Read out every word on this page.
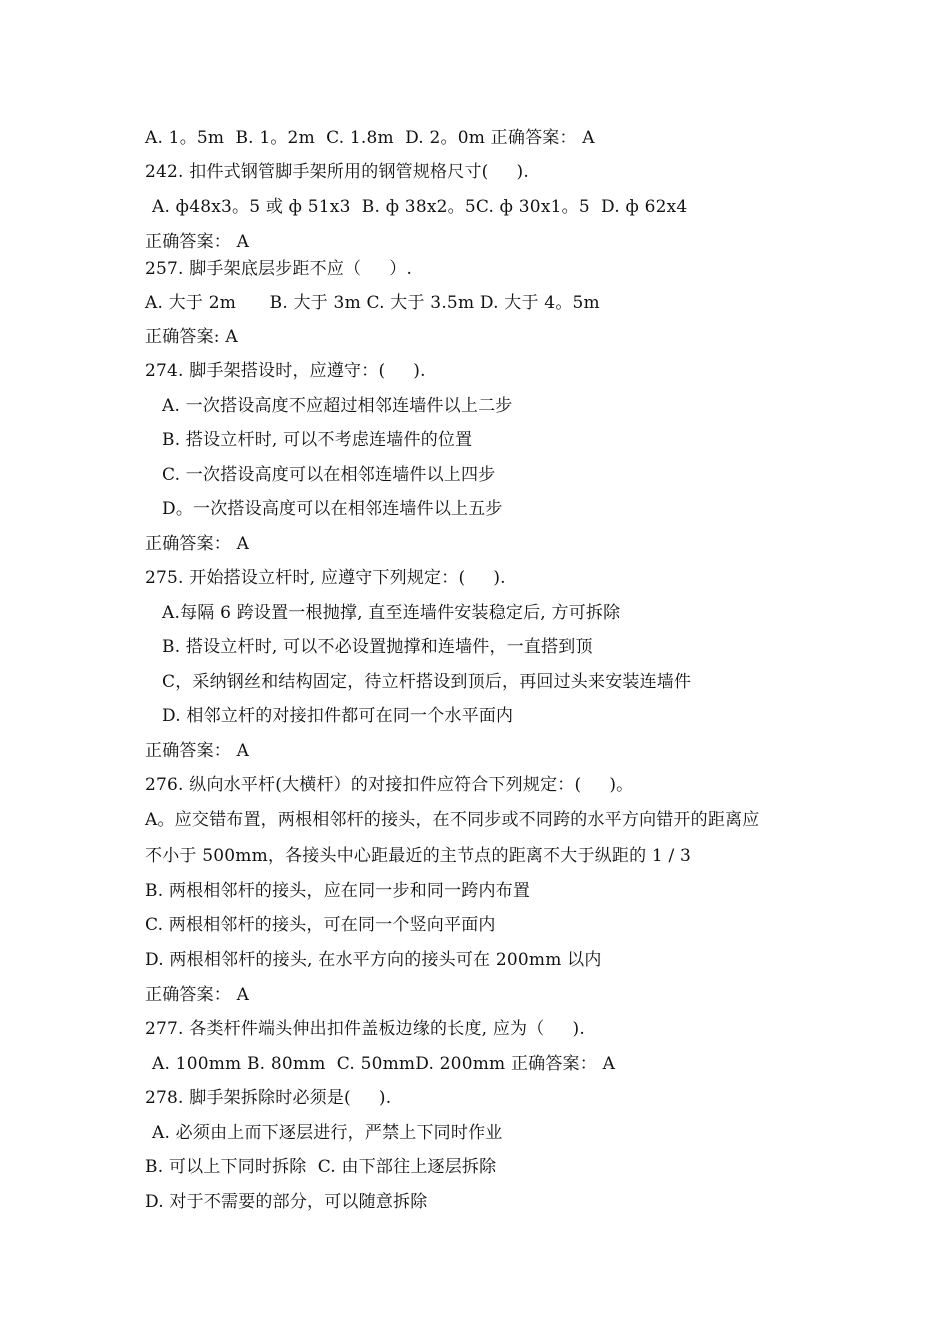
A. 1。5m  B. 1。2m  C. 1.8m  D. 2。0m 正确答案： A
242. 扣件式钢管脚手架所用的钢管规格尺寸(     ).
A. ф48x3。5 或 ф 51x3  B. ф 38x2。5C. ф 30x1。5  D. ф 62x4
正确答案： A
257. 脚手架底层步距不应（     ）.
A. 大于 2m      B. 大于 3m C. 大于 3.5m D. 大于 4。5m
正确答案: A
274. 脚手架搭设时，应遵守：(     ).
A. 一次搭设高度不应超过相邻连墙件以上二步
B. 搭设立杆时, 可以不考虑连墙件的位置
C. 一次搭设高度可以在相邻连墙件以上四步
D。一次搭设高度可以在相邻连墙件以上五步
正确答案： A
275. 开始搭设立杆时, 应遵守下列规定：(     ).
A.每隔 6 跨设置一根抛撑, 直至连墙件安装稳定后, 方可拆除
B. 搭设立杆时, 可以不必设置抛撑和连墙件，一直搭到顶
C，采纳钢丝和结构固定，待立杆搭设到顶后，再回过头来安装连墙件
D. 相邻立杆的对接扣件都可在同一个水平面内
正确答案： A
276. 纵向水平杆(大横杆）的对接扣件应符合下列规定：(     )。
A。应交错布置，两根相邻杆的接头，在不同步或不同跨的水平方向错开的距离应
不小于 500mm，各接头中心距最近的主节点的距离不大于纵距的 1 / 3
B. 两根相邻杆的接头，应在同一步和同一跨内布置
C. 两根相邻杆的接头，可在同一个竖向平面内
D. 两根相邻杆的接头, 在水平方向的接头可在 200mm 以内
正确答案： A
277. 各类杆件端头伸出扣件盖板边缘的长度, 应为（     ).
A. 100mm B. 80mm  C. 50mmD. 200mm 正确答案： A
278. 脚手架拆除时必须是(     ).
A. 必须由上而下逐层进行，严禁上下同时作业
B. 可以上下同时拆除  C. 由下部往上逐层拆除
D. 对于不需要的部分，可以随意拆除
